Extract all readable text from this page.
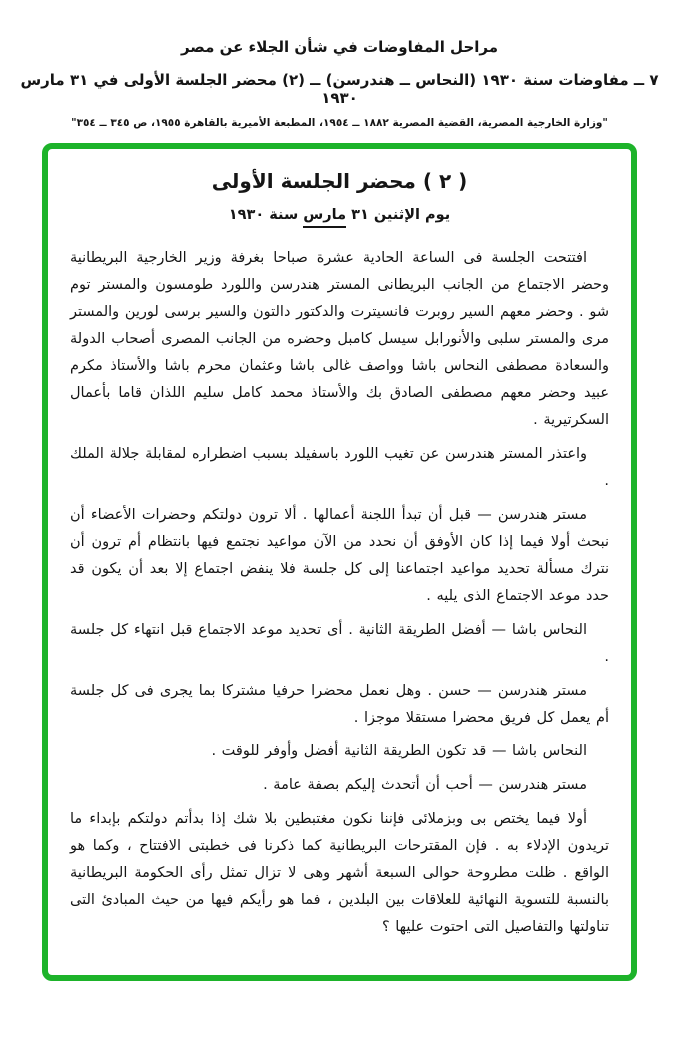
مراحل المفاوضات في شأن الجلاء عن مصر
٧ ــ مفاوضات سنة ١٩٣٠ (النحاس ــ هندرسن) ــ (٢) محضر الجلسة الأولى في ٣١ مارس ١٩٣٠
"وزارة الخارجية المصرية، القضية المصرية ١٨٨٢ ــ ١٩٥٤، المطبعة الأميرية بالقاهرة ١٩٥٥، ص ٣٤٥ ــ ٣٥٤"
( ٢ ) محضر الجلسة الأولى
يوم الإثنين ٣١ مارس سنة ١٩٣٠

افتتحت الجلسة فى الساعة الحادية عشرة صباحا بغرفة وزير الخارجية البريطانية وحضر الاجتماع من الجانب البريطانى المستر هندرسن واللورد طومسون والمستر توم شو . وحضر معهم السير روبرت فانسيترت والدكتور دالتون والسير برسى لورين والمستر مرى والمستر سلبى والأنورابل سيسل كامبل وحضره من الجانب المصرى أصحاب الدولة والسعادة مصطفى النحاس باشا وواصف غالى باشا وعثمان محرم باشا والأستاذ مكرم عبيد وحضر معهم مصطفى الصادق بك والأستاذ محمد كامل سليم اللذان قاما بأعمال السكرتيرية .

واعتذر المستر هندرسن عن تغيب اللورد باسفيلد بسبب اضطراره لمقابلة جلالة الملك .

مستر هندرسن — قبل أن تبدأ اللجنة أعمالها . ألا ترون دولتكم وحضرات الأعضاء أن نبحث أولا فيما إذا كان الأوفق أن نحدد من الآن مواعيد نجتمع فيها بانتظام أم ترون أن نترك مسألة تحديد مواعيد اجتماعنا إلى كل جلسة فلا ينفض اجتماع إلا بعد أن يكون قد حدد موعد الاجتماع الذى يليه .

النحاس باشا — أفضل الطريقة الثانية . أى تحديد موعد الاجتماع قبل انتهاء كل جلسة .

مستر هندرسن — حسن . وهل نعمل محضرا حرفيا مشتركا بما يجرى فى كل جلسة أم يعمل كل فريق محضرا مستقلا موجزا .

النحاس باشا — قد تكون الطريقة الثانية أفضل وأوفر للوقت .

مستر هندرسن — أحب أن أتحدث إليكم بصفة عامة .

أولا فيما يختص بى وبزملائى فإننا نكون مغتبطين بلا شك إذا بدأتم دولتكم بإبداء ما تريدون الإدلاء به . فإن المقترحات البريطانية كما ذكرنا فى خطبتى الافتتاح ، وكما هو الواقع . ظلت مطروحة حوالى السبعة أشهر وهى لا تزال تمثل رأى الحكومة البريطانية بالنسبة للتسوية النهائية للعلاقات بين البلدين ، فما هو رأيكم فيها من حيث المبادئ التى تناولتها والتفاصيل التى احتوت عليها ؟
